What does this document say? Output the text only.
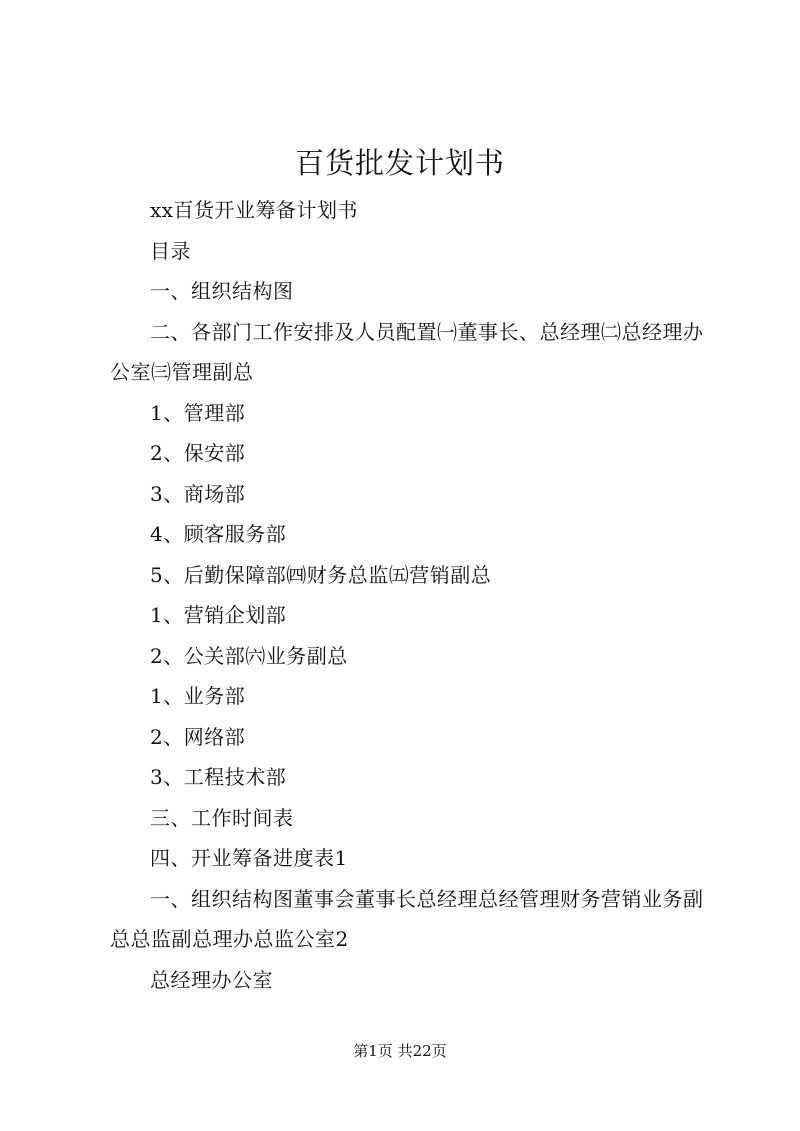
百货批发计划书

xx百货开业筹备计划书

目录

一、组织结构图

二、各部门工作安排及人员配置㈠董事长、总经理㈡总经理办公室㈢管理副总

1、管理部

2、保安部

3、商场部

4、顾客服务部

5、后勤保障部㈣财务总监㈤营销副总

1、营销企划部

2、公关部㈥业务副总

1、业务部

2、网络部

3、工程技术部

三、工作时间表

四、开业筹备进度表1

一、组织结构图董事会董事长总经理总经管理财务营销业务副总总监副总理办总监公室2

总经理办公室

第1页 共22页
